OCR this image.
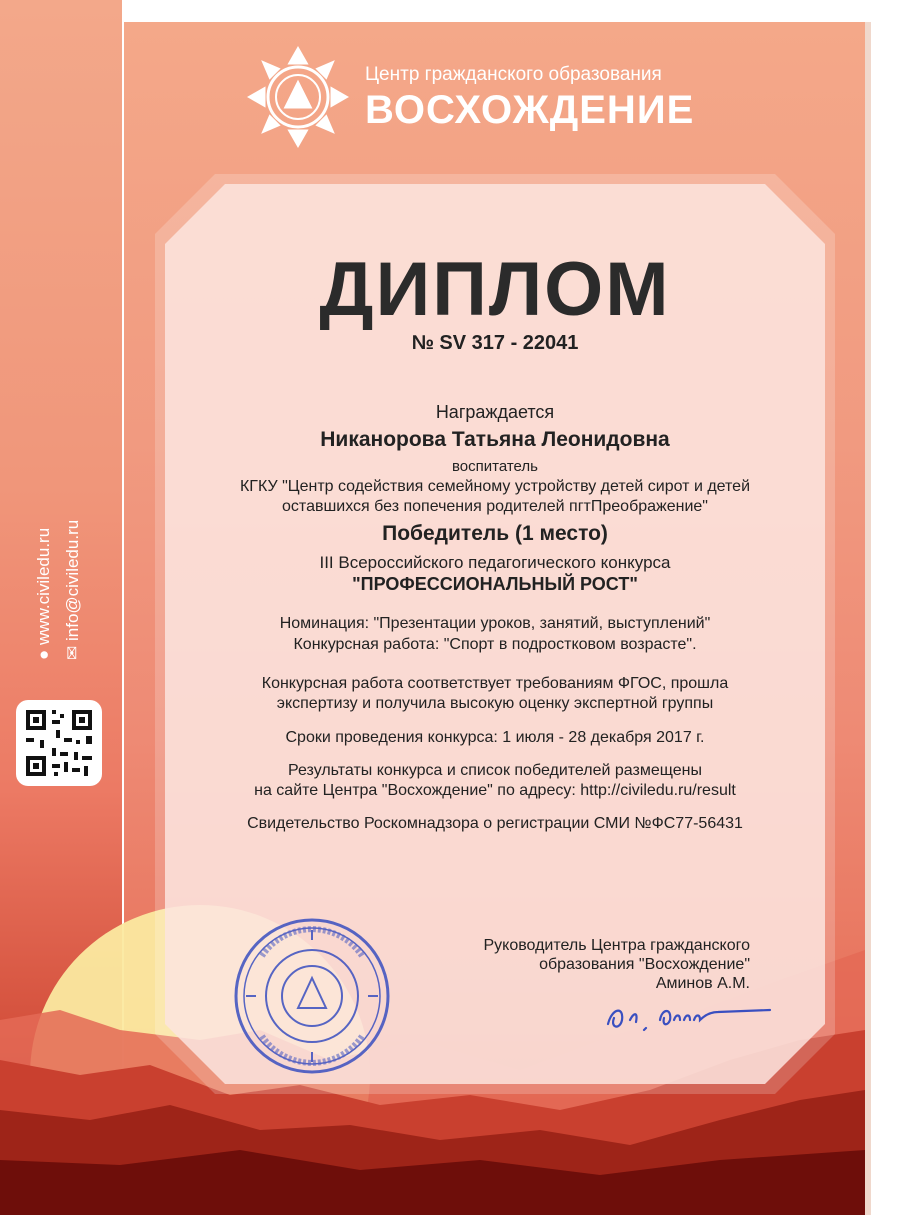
Центр гражданского образования
ВОСХОЖДЕНИЕ
● www.civiledu.ru
✉ info@civiledu.ru
ДИПЛОМ
№ SV 317 - 22041
Награждается
Никанорова Татьяна Леонидовна
воспитатель
КГКУ "Центр содействия семейному устройству детей сирот и детей
оставшихся без попечения родителей пгтПреображение"
Победитель (1 место)
III Всероссийского педагогического конкурса
"ПРОФЕССИОНАЛЬНЫЙ РОСТ"
Номинация: "Презентации уроков, занятий, выступлений"
Конкурсная работа: "Спорт в подростковом возрасте".
Конкурсная работа соответствует требованиям ФГОС, прошла
экспертизу и получила высокую оценку экспертной группы
Сроки проведения конкурса: 1 июля - 28 декабря 2017 г.
Результаты конкурса и список победителей размещены
на сайте Центра "Восхождение" по адресу: http://civiledu.ru/result
Свидетельство Роскомнадзора о регистрации СМИ №ФС77-56431
Руководитель Центра гражданского
образования "Восхождение"
Аминов А.М.
